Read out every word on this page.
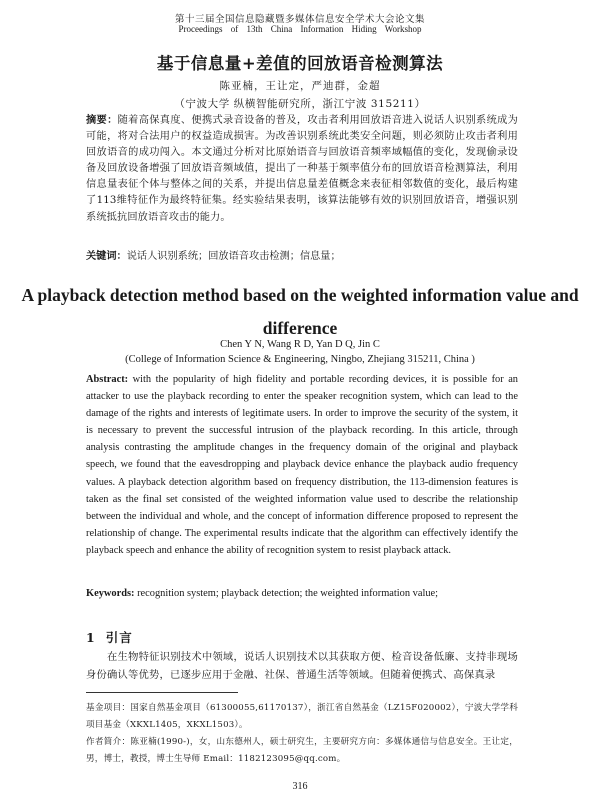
第十三届全国信息隐藏暨多媒体信息安全学术大会论文集
Proceedings of 13th China Information Hiding Workshop
基于信息量+差值的回放语音检测算法
陈亚楠，王让定，严迪群，金超
（宁波大学 纵横智能研究所，浙江宁波 315211）
摘要：随着高保真度、便携式录音设备的普及，攻击者利用回放语音进入说话人识别系统成为可能，将对合法用户的权益造成损害。为改善识别系统此类安全问题，则必须防止攻击者利用回放语音的成功闯入。本文通过分析对比原始语音与回放语音频率域幅值的变化，发现偷录设备及回放设备增强了回放语音频域值，提出了一种基于频率值分布的回放语音检测算法，利用信息量表征个体与整体之间的关系，并提出信息量差值概念来表征相邻数值的变化，最后构建了113维特征作为最终特征集。经实验结果表明，该算法能够有效的识别回放语音，增强识别系统抵抗回放语音攻击的能力。
关键词：说话人识别系统；回放语音攻击检测；信息量；
A playback detection method based on the weighted information value and difference
Chen Y N, Wang R D, Yan D Q, Jin C
(College of Information Science & Engineering, Ningbo, Zhejiang 315211, China )
Abstract: with the popularity of high fidelity and portable recording devices, it is possible for an attacker to use the playback recording to enter the speaker recognition system, which can lead to the damage of the rights and interests of legitimate users. In order to improve the security of the system, it is necessary to prevent the successful intrusion of the playback recording. In this article, through analysis contrasting the amplitude changes in the frequency domain of the original and playback speech, we found that the eavesdropping and playback device enhance the playback audio frequency values. A playback detection algorithm based on frequency distribution, the 113-dimension features is taken as the final set consisted of the weighted information value used to describe the relationship between the individual and whole, and the concept of information difference proposed to represent the relationship of change. The experimental results indicate that the algorithm can effectively identify the playback speech and enhance the ability of recognition system to resist playback attack.
Keywords: recognition system; playback detection; the weighted information value;
1 引言
在生物特征识别技术中领域，说话人识别技术以其获取方便、检音设备低廉、支持非现场身份确认等优势，已逐步应用于金融、社保、普通生活等领域。但随着便携式、高保真录

基金项目：国家自然基金项目（61300055,61170137），浙江省自然基金（LZ15F020002），宁波大学学科项目基金（XKXL1405，XKXL1503）。

作者简介：陈亚楠(1990-)，女，山东德州人，硕士研究生，主要研究方向：多媒体通信与信息安全。王让定，男，博士，教授，博士生导师 Email：1182123095@qq.com。

316
